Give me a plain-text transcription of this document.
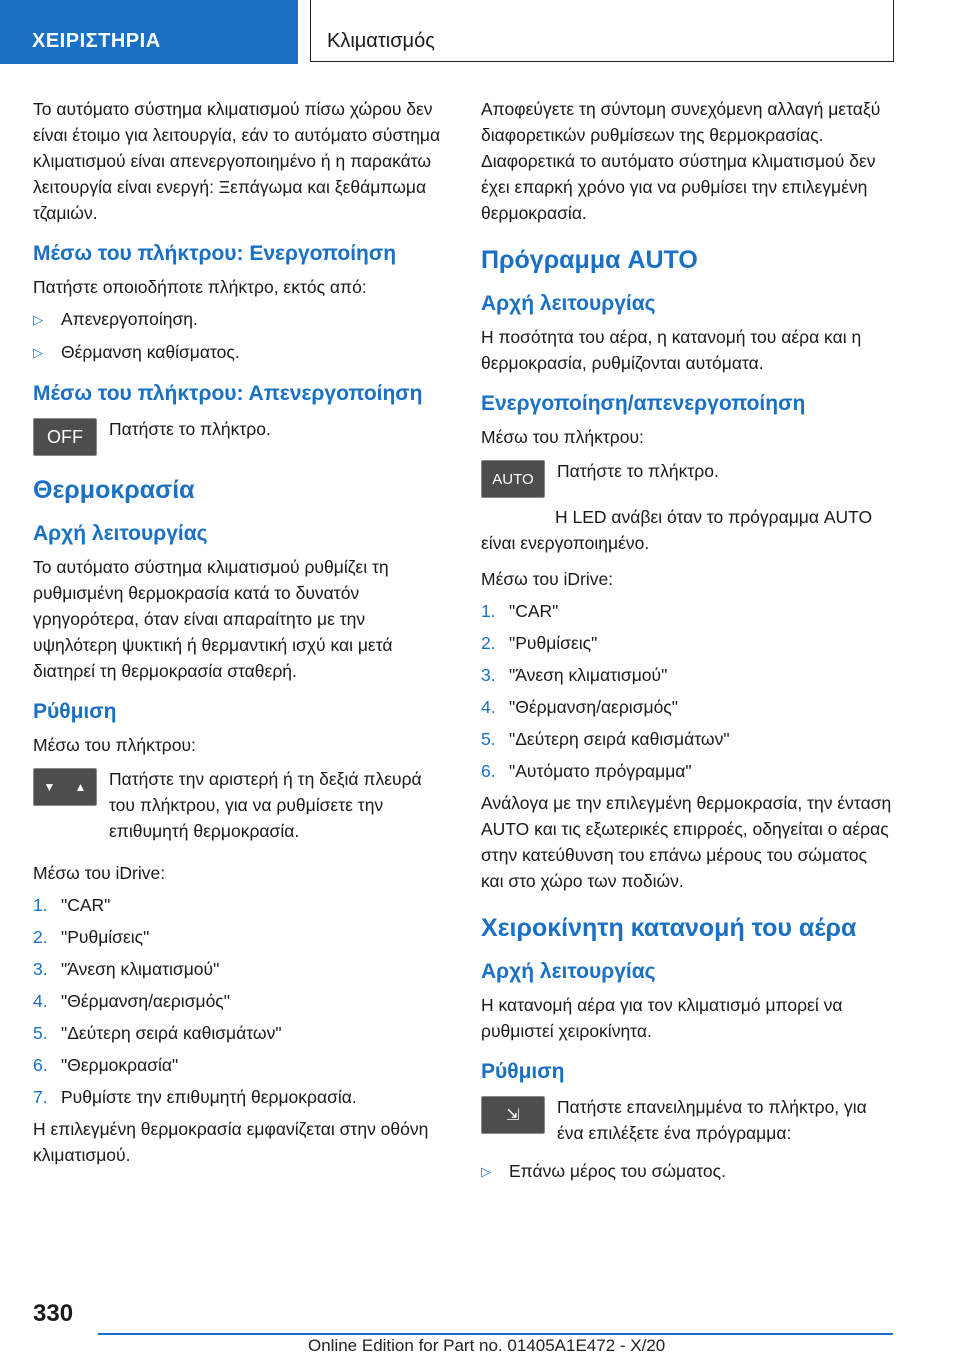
ΧΕΙΡΙΣΤΗΡΙΑ	Κλιματισμός

Το αυτόματο σύστημα κλιματισμού πίσω χώρου δεν είναι έτοιμο για λειτουργία, εάν το αυτόματο σύστημα κλιματισμού είναι απενεργοποιημένο ή η παρακάτω λειτουργία είναι ενεργή: Ξεπάγωμα και ξεθάμπωμα τζαμιών.

Μέσω του πλήκτρου: Ενεργοποίηση

Πατήστε οποιοδήποτε πλήκτρο, εκτός από:

▷	Απενεργοποίηση.
▷	Θέρμανση καθίσματος.
Μέσω του πλήκτρου: Απενεργοποίηση
OFF	Πατήστε το πλήκτρο.

Θερμοκρασία
Αρχή λειτουργίας

Το αυτόματο σύστημα κλιματισμού ρυθμίζει τη ρυθμισμένη θερμοκρασία κατά το δυνατόν γρηγορότερα, όταν είναι απαραίτητο με την υψηλότερη ψυκτική ή θερμαντική ισχύ και μετά διατηρεί τη θερμοκρασία σταθερή.

Ρύθμιση

Μέσω του πλήκτρου:

▼ ▲ Πατήστε την αριστερή ή τη δεξιά πλευρά του πλήκτρου, για να ρυθμίσετε την επιθυμητή θερμοκρασία.

Μέσω του iDrive:

1. "CAR"
2. "Ρυθμίσεις"
3. "Άνεση κλιματισμού"
4. "Θέρμανση/αερισμός"
5. "Δεύτερη σειρά καθισμάτων"
6. "Θερμοκρασία"
7. Ρυθμίστε την επιθυμητή θερμοκρασία.

Η επιλεγμένη θερμοκρασία εμφανίζεται στην οθόνη κλιματισμού.

Αποφεύγετε τη σύντομη συνεχόμενη αλλαγή μεταξύ διαφορετικών ρυθμίσεων της θερμοκρασίας. Διαφορετικά το αυτόματο σύστημα κλιματισμού δεν έχει επαρκή χρόνο για να ρυθμίσει την επιλεγμένη θερμοκρασία.

Πρόγραμμα AUTO
Αρχή λειτουργίας

Η ποσότητα του αέρα, η κατανομή του αέρα και η θερμοκρασία, ρυθμίζονται αυτόματα.

Ενεργοποίηση/απενεργοποίηση

Μέσω του πλήκτρου:

AUTO	Πατήστε το πλήκτρο.

Η LED ανάβει όταν το πρόγραμμα AUTO είναι ενεργοποιημένο.

Μέσω του iDrive:

1. "CAR"
2. "Ρυθμίσεις"
3. "Άνεση κλιματισμού"
4. "Θέρμανση/αερισμός"
5. "Δεύτερη σειρά καθισμάτων"
6. "Αυτόματο πρόγραμμα"

Ανάλογα με την επιλεγμένη θερμοκρασία, την ένταση AUTO και τις εξωτερικές επιρροές, οδηγείται ο αέρας στην κατεύθυνση του επάνω μέρους του σώματος και στο χώρο των ποδιών.

Χειροκίνητη κατανομή του αέρα
Αρχή λειτουργίας

Η κατανομή αέρα για τον κλιματισμό μπορεί να ρυθμιστεί χειροκίνητα.

Ρύθμιση
⇲	Πατήστε επανειλημμένα το πλήκτρο, για ένα επιλέξετε ένα πρόγραμμα:

▷	Επάνω μέρος του σώματος.
330
Online Edition for Part no. 01405A1E472 - X/20
